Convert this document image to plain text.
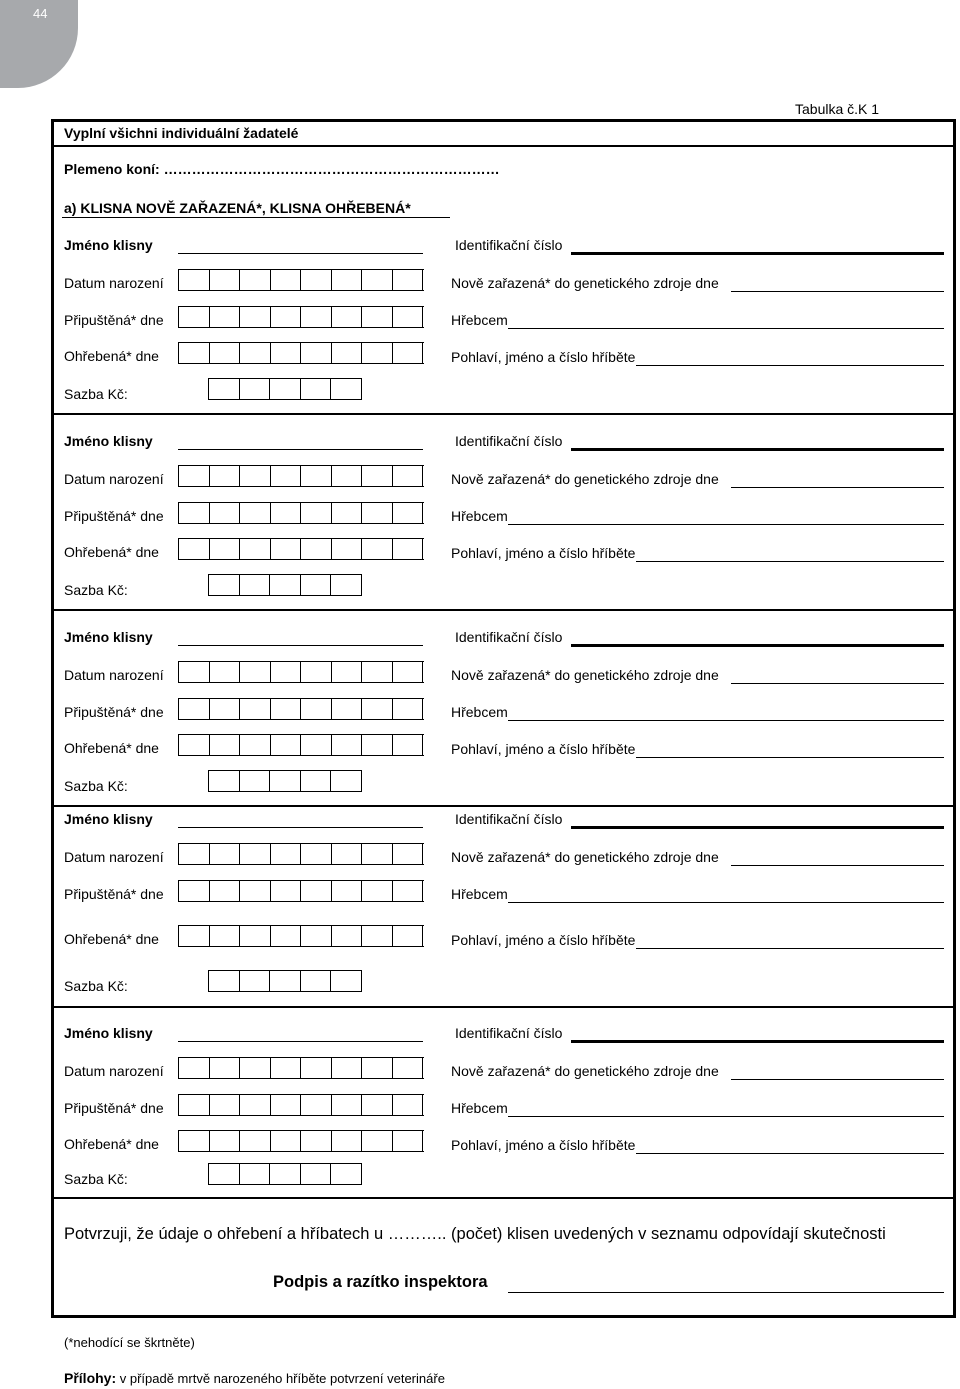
44
Tabulka č.K 1
Vyplní všichni individuální žadatelé
Plemeno koní: ………………………………………………………………
a) KLISNA NOVĚ ZAŘAZENÁ*, KLISNA OHŘEBENÁ*
Jméno klisny	Identifikační číslo
Datum narození	Nově zařazená* do genetického zdroje dne
Připuštěná* dne	Hřebcem
Ohřebená* dne	Pohlaví, jméno a číslo hříběte
Sazba Kč:
Jméno klisny	Identifikační číslo
Datum narození	Nově zařazená* do genetického zdroje dne
Připuštěná* dne	Hřebcem
Ohřebená* dne	Pohlaví, jméno a číslo hříběte
Sazba Kč:
Jméno klisny	Identifikační číslo
Datum narození	Nově zařazená* do genetického zdroje dne
Připuštěná* dne	Hřebcem
Ohřebená* dne	Pohlaví, jméno a číslo hříběte
Sazba Kč:
Jméno klisny	Identifikační číslo
Datum narození	Nově zařazená* do genetického zdroje dne
Připuštěná* dne	Hřebcem
Ohřebená* dne	Pohlaví, jméno a číslo hříběte
Sazba Kč:
Jméno klisny	Identifikační číslo
Datum narození	Nově zařazená* do genetického zdroje dne
Připuštěná* dne	Hřebcem
Ohřebená* dne	Pohlaví, jméno a číslo hříběte
Sazba Kč:
Potvrzuji, že údaje o ohřebení a hříbatech u ……….. (počet) klisen uvedených v seznamu odpovídají skutečnosti
Podpis a razítko inspektora
(*nehodící se škrtněte)
Přílohy: v případě mrtvě narozeného hříběte potvrzení veterináře
